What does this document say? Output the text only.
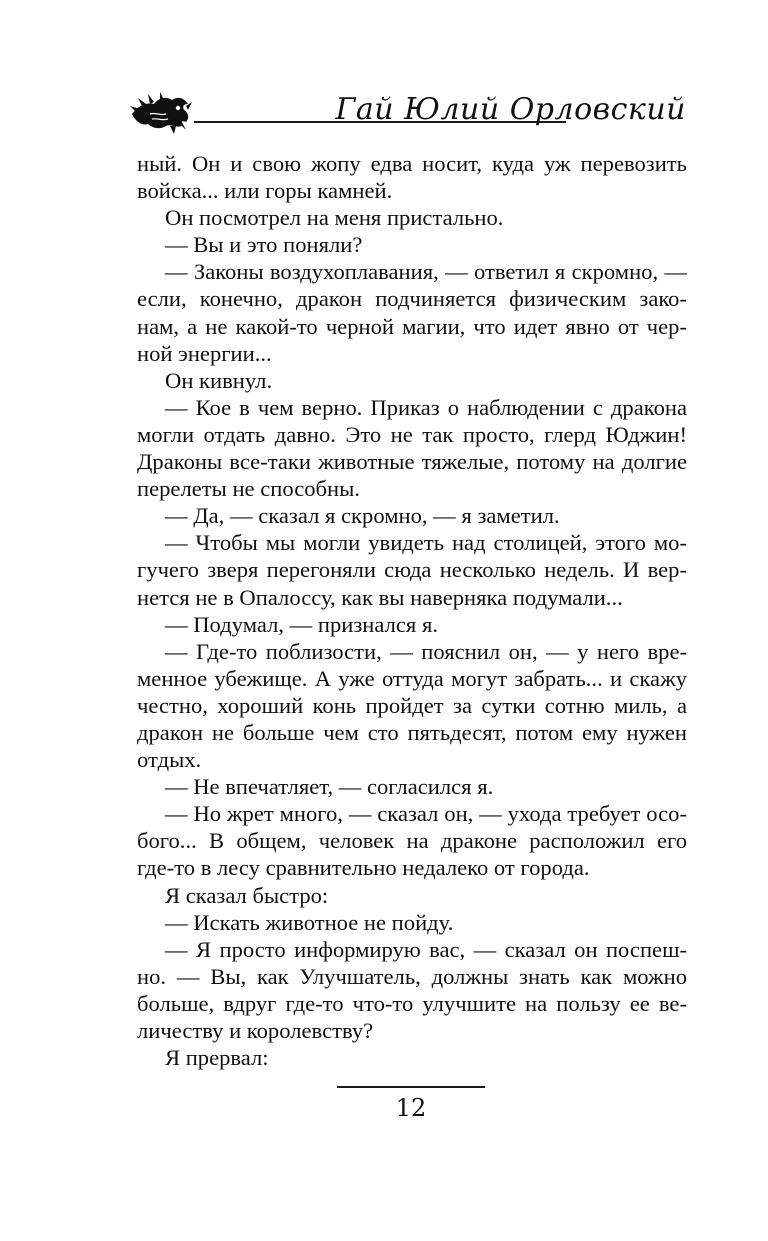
Гай Юлий Орловский
ный. Он и свою жопу едва носит, куда уж перевозить
войска... или горы камней.
Он посмотрел на меня пристально.
— Вы и это поняли?
— Законы воздухоплавания, — ответил я скромно, —
если, конечно, дракон подчиняется физическим зако-
нам, а не какой-то черной магии, что идет явно от чер-
ной энергии...
Он кивнул.
— Кое в чем верно. Приказ о наблюдении с дракона
могли отдать давно. Это не так просто, глерд Юджин!
Драконы все-таки животные тяжелые, потому на долгие
перелеты не способны.
— Да, — сказал я скромно, — я заметил.
— Чтобы мы могли увидеть над столицей, этого мо-
гучего зверя перегоняли сюда несколько недель. И вер-
нется не в Опалоссу, как вы наверняка подумали...
— Подумал, — признался я.
— Где-то поблизости, — пояснил он, — у него вре-
менное убежище. А уже оттуда могут забрать... и скажу
честно, хороший конь пройдет за сутки сотню миль, а
дракон не больше чем сто пятьдесят, потом ему нужен
отдых.
— Не впечатляет, — согласился я.
— Но жрет много, — сказал он, — ухода требует осо-
бого... В общем, человек на драконе расположил его
где-то в лесу сравнительно недалеко от города.
Я сказал быстро:
— Искать животное не пойду.
— Я просто информирую вас, — сказал он поспеш-
но. — Вы, как Улучшатель, должны знать как можно
больше, вдруг где-то что-то улучшите на пользу ее ве-
личеству и королевству?
Я прервал:
12
